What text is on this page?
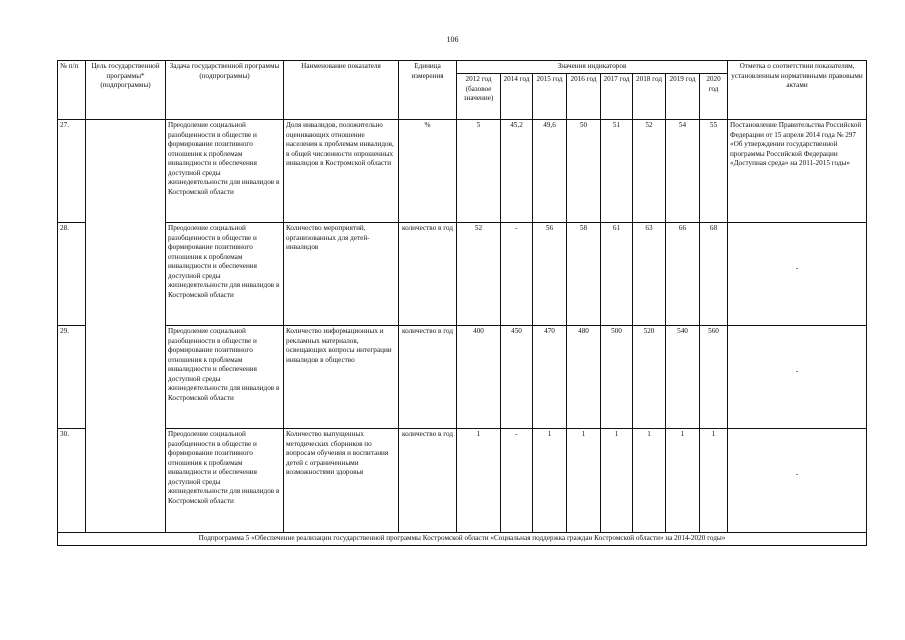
106
№ п/п	Цель государственной программы* (подпрограммы)	Задача государственной программы (подпрограммы)	Наименование показателя	Единица измерения	Значения индикаторов								Отметка о соответствии показателям, установленным нормативными правовыми актами
					2012 год (базовое значение)	2014 год	2015 год	2016 год	2017 год	2018 год	2019 год	2020 год	
27.		Преодоление социальной разобщенности в обществе и формирование позитивного отношения к проблемам инвалидности и обеспечения доступной среды жизнедеятельности для инвалидов в Костромской области	Доля инвалидов, положительно оценивающих отношение населения к проблемам инвалидов, в общей численности опрошенных инвалидов в Костромской области	%	5	45,2	49,6	50	51	52	54	55	Постановление Правительства Российской Федерации от 15 апреля 2014 года № 297 «Об утверждении государственной программы Российской Федерации «Доступная среда» на 2011-2015 годы»
28.		Преодоление социальной разобщенности в обществе и формирование позитивного отношения к проблемам инвалидности и обеспечения доступной среды жизнедеятельности для инвалидов в Костромской области	Количество мероприятий, организованных для детей-инвалидов	количество в год	52	-	56	58	61	63	66	68	-

29.		Преодоление социальной разобщенности в обществе и формирование позитивного отношения к проблемам инвалидности и обеспечения доступной среды жизнедеятельности для инвалидов в Костромской области	Количество информационных и рекламных материалов, освещающих вопросы интеграции инвалидов в общество	количество в год	400	450	470	480	500	520	540	560	-

30.		Преодоление социальной разобщенности в обществе и формирование позитивного отношения к проблемам инвалидности и обеспечения доступной среды жизнедеятельности для инвалидов в Костромской области	Количество выпущенных методических сборников по вопросам обучения и воспитания детей с ограниченными возможностями здоровья	количество в год	1	-	1	1	1	1	1	1	-

Подпрограмма 5 «Обеспечение реализации государственной программы Костромской области «Социальная поддержка граждан Костромской области» на 2014-2020 годы»													
